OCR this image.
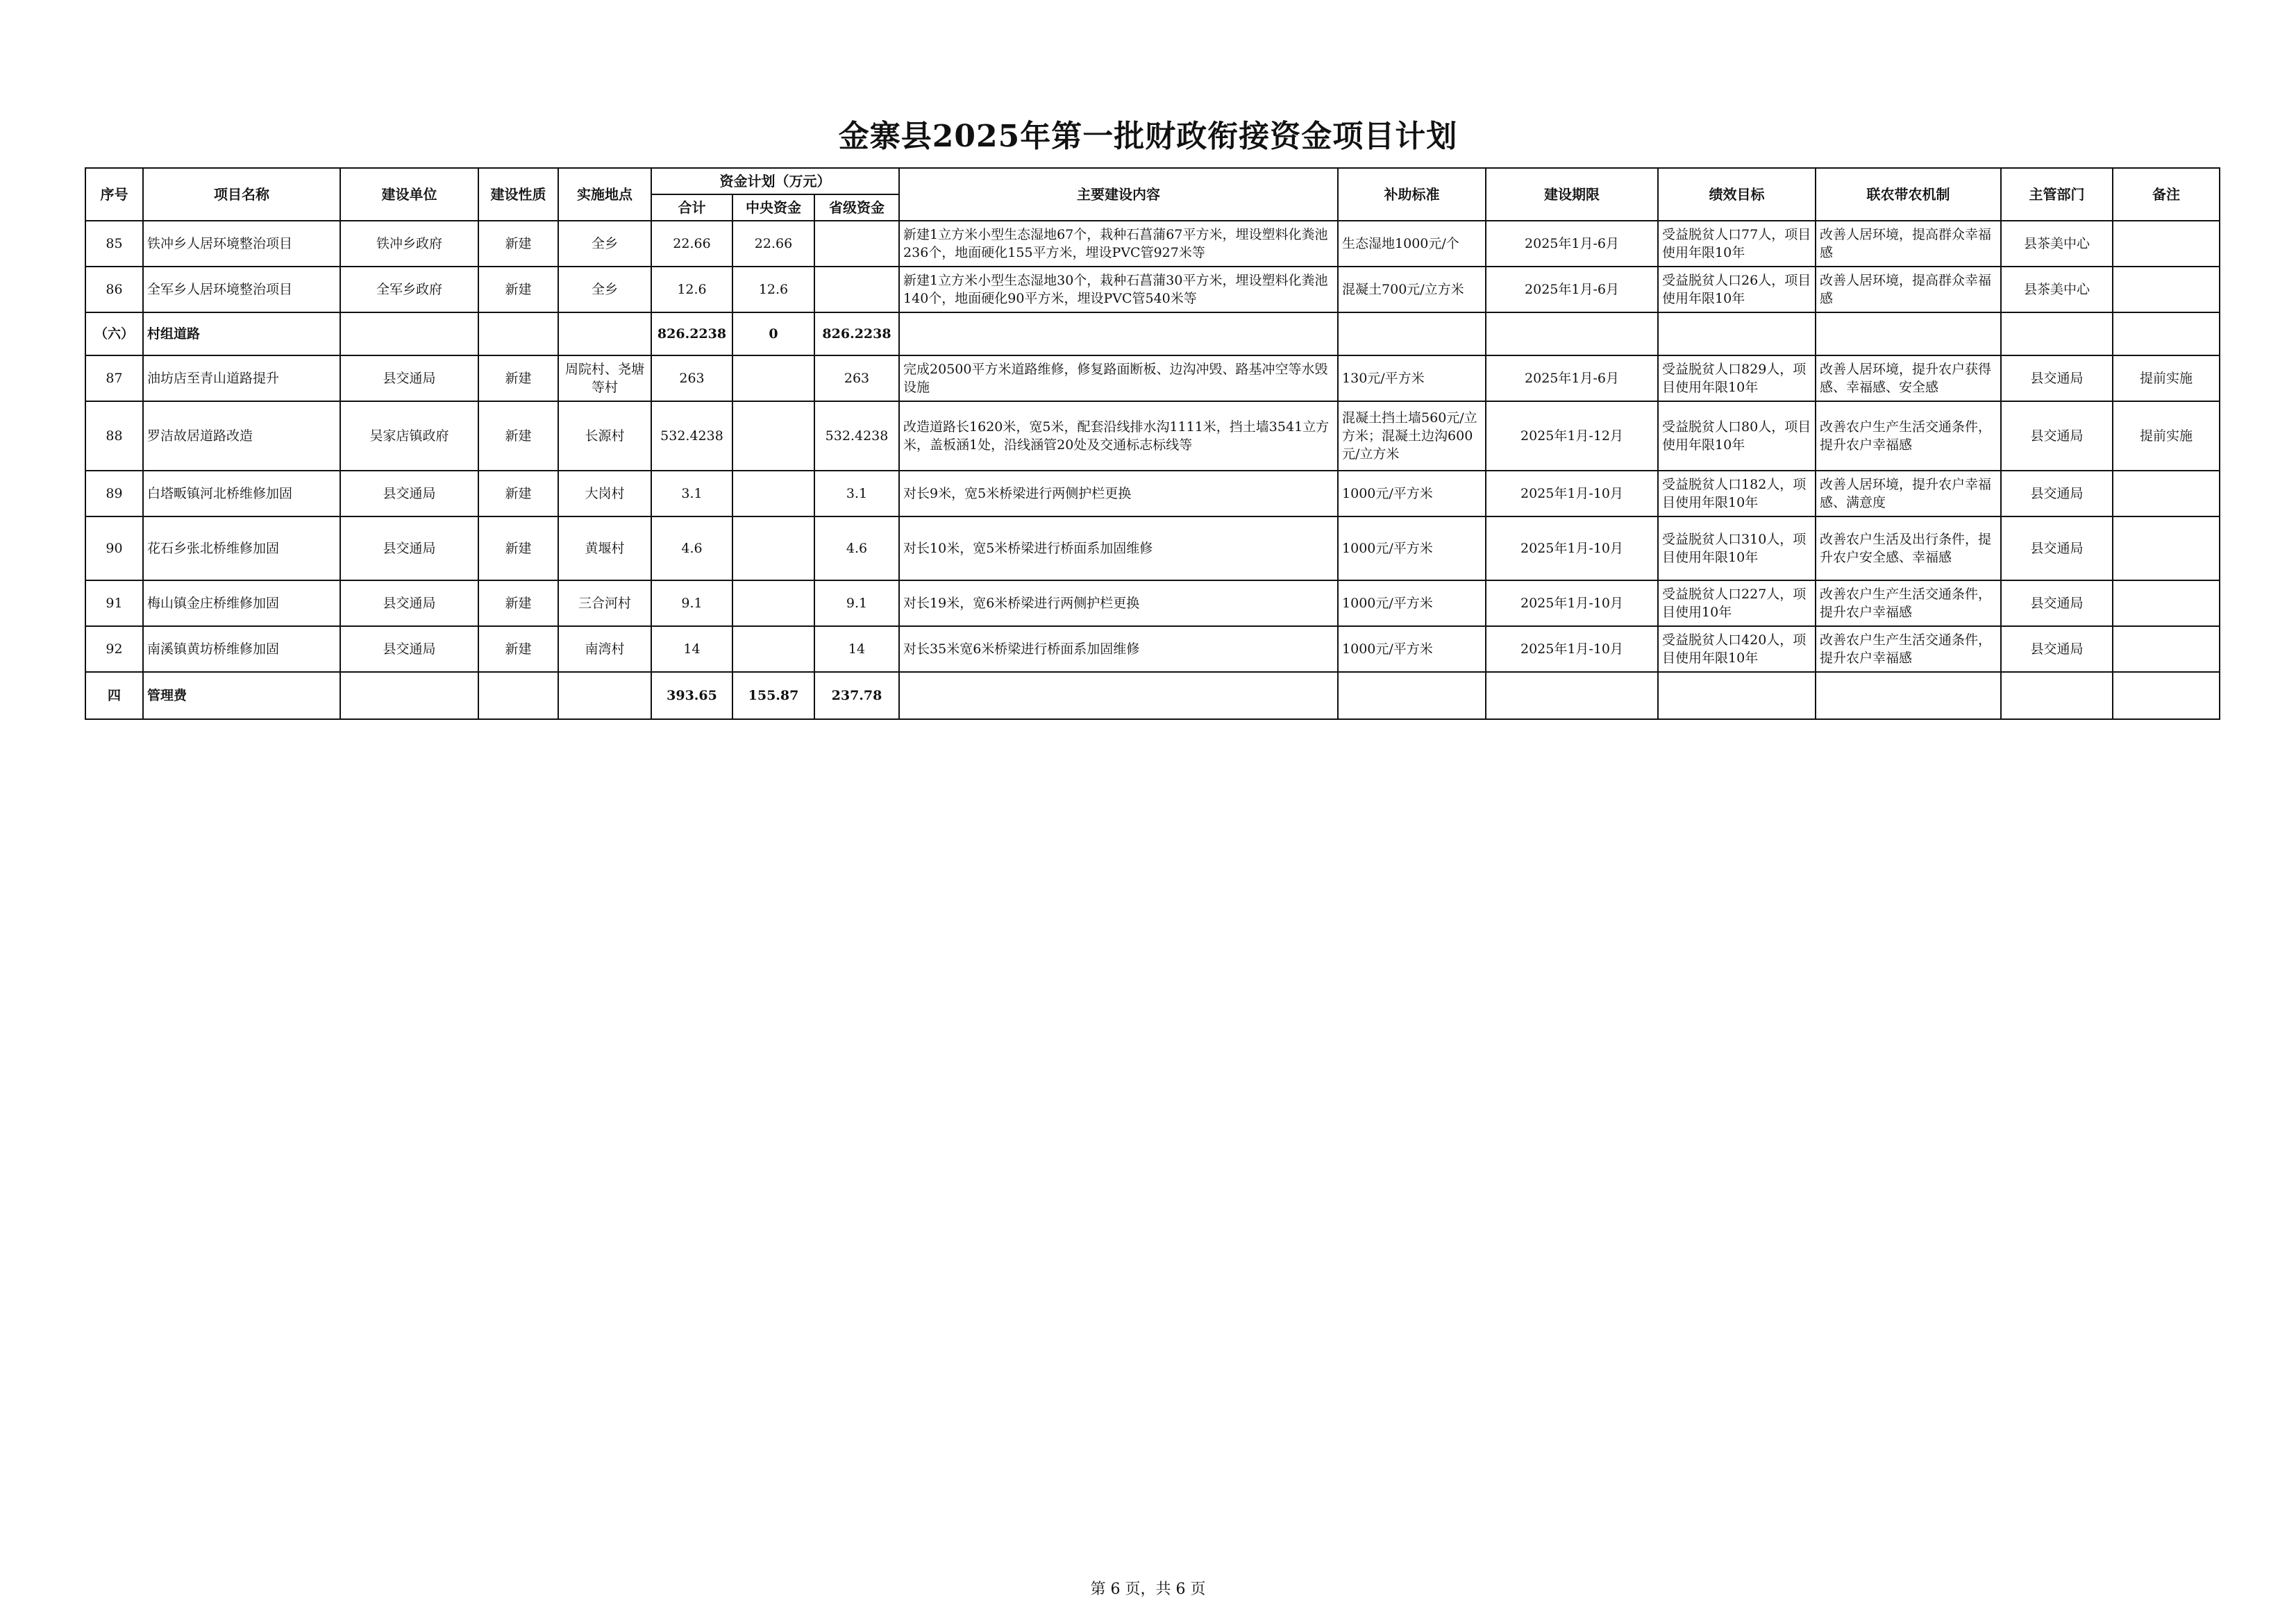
金寨县2025年第一批财政衔接资金项目计划
序号	项目名称	建设单位	建设性质	实施地点	资金计划（万元）			主要建设内容	补助标准	建设期限	绩效目标	联农带农机制	主管部门	备注
					合计	中央资金	省级资金							
85	铁冲乡人居环境整治项目	铁冲乡政府	新建	全乡	22.66	22.66		新建1立方米小型生态湿地67个，栽种石菖蒲67平方米，埋设塑料化粪池236个，地面硬化155平方米，埋设PVC管927米等	生态湿地1000元/个	2025年1月-6月	受益脱贫人口77人，项目使用年限10年	改善人居环境，提高群众幸福感	县茶美中心	
86	全军乡人居环境整治项目	全军乡政府	新建	全乡	12.6	12.6		新建1立方米小型生态湿地30个，栽种石菖蒲30平方米，埋设塑料化粪池140个，地面硬化90平方米，埋设PVC管540米等	混凝土700元/立方米	2025年1月-6月	受益脱贫人口26人，项目使用年限10年	改善人居环境，提高群众幸福感	县茶美中心	
（六）	村组道路				826.2238	0	826.2238							
87	油坊店至青山道路提升	县交通局	新建	周院村、尧塘等村	263		263	完成20500平方米道路维修，修复路面断板、边沟冲毁、路基冲空等水毁设施	130元/平方米	2025年1月-6月	受益脱贫人口829人，项目使用年限10年	改善人居环境，提升农户获得感、幸福感、安全感	县交通局	提前实施
88	罗洁故居道路改造	吴家店镇政府	新建	长源村	532.4238		532.4238	改造道路长1620米，宽5米，配套沿线排水沟1111米，挡土墙3541立方米，盖板涵1处，沿线涵管20处及交通标志标线等	混凝土挡土墙560元/立方米；混凝土边沟600元/立方米	2025年1月-12月	受益脱贫人口80人，项目使用年限10年	改善农户生产生活交通条件，提升农户幸福感	县交通局	提前实施
89	白塔畈镇河北桥维修加固	县交通局	新建	大岗村	3.1		3.1	对长9米，宽5米桥梁进行两侧护栏更换	1000元/平方米	2025年1月-10月	受益脱贫人口182人，项目使用年限10年	改善人居环境，提升农户幸福感、满意度	县交通局	
90	花石乡张北桥维修加固	县交通局	新建	黄堰村	4.6		4.6	对长10米，宽5米桥梁进行桥面系加固维修	1000元/平方米	2025年1月-10月	受益脱贫人口310人，项目使用年限10年	改善农户生活及出行条件，提升农户安全感、幸福感	县交通局	
91	梅山镇金庄桥维修加固	县交通局	新建	三合河村	9.1		9.1	对长19米，宽6米桥梁进行两侧护栏更换	1000元/平方米	2025年1月-10月	受益脱贫人口227人，项目使用10年	改善农户生产生活交通条件，提升农户幸福感	县交通局	
92	南溪镇黄坊桥维修加固	县交通局	新建	南湾村	14		14	对长35米宽6米桥梁进行桥面系加固维修	1000元/平方米	2025年1月-10月	受益脱贫人口420人，项目使用年限10年	改善农户生产生活交通条件，提升农户幸福感	县交通局	
四	管理费				393.65	155.87	237.78							
第 6 页，共 6 页
